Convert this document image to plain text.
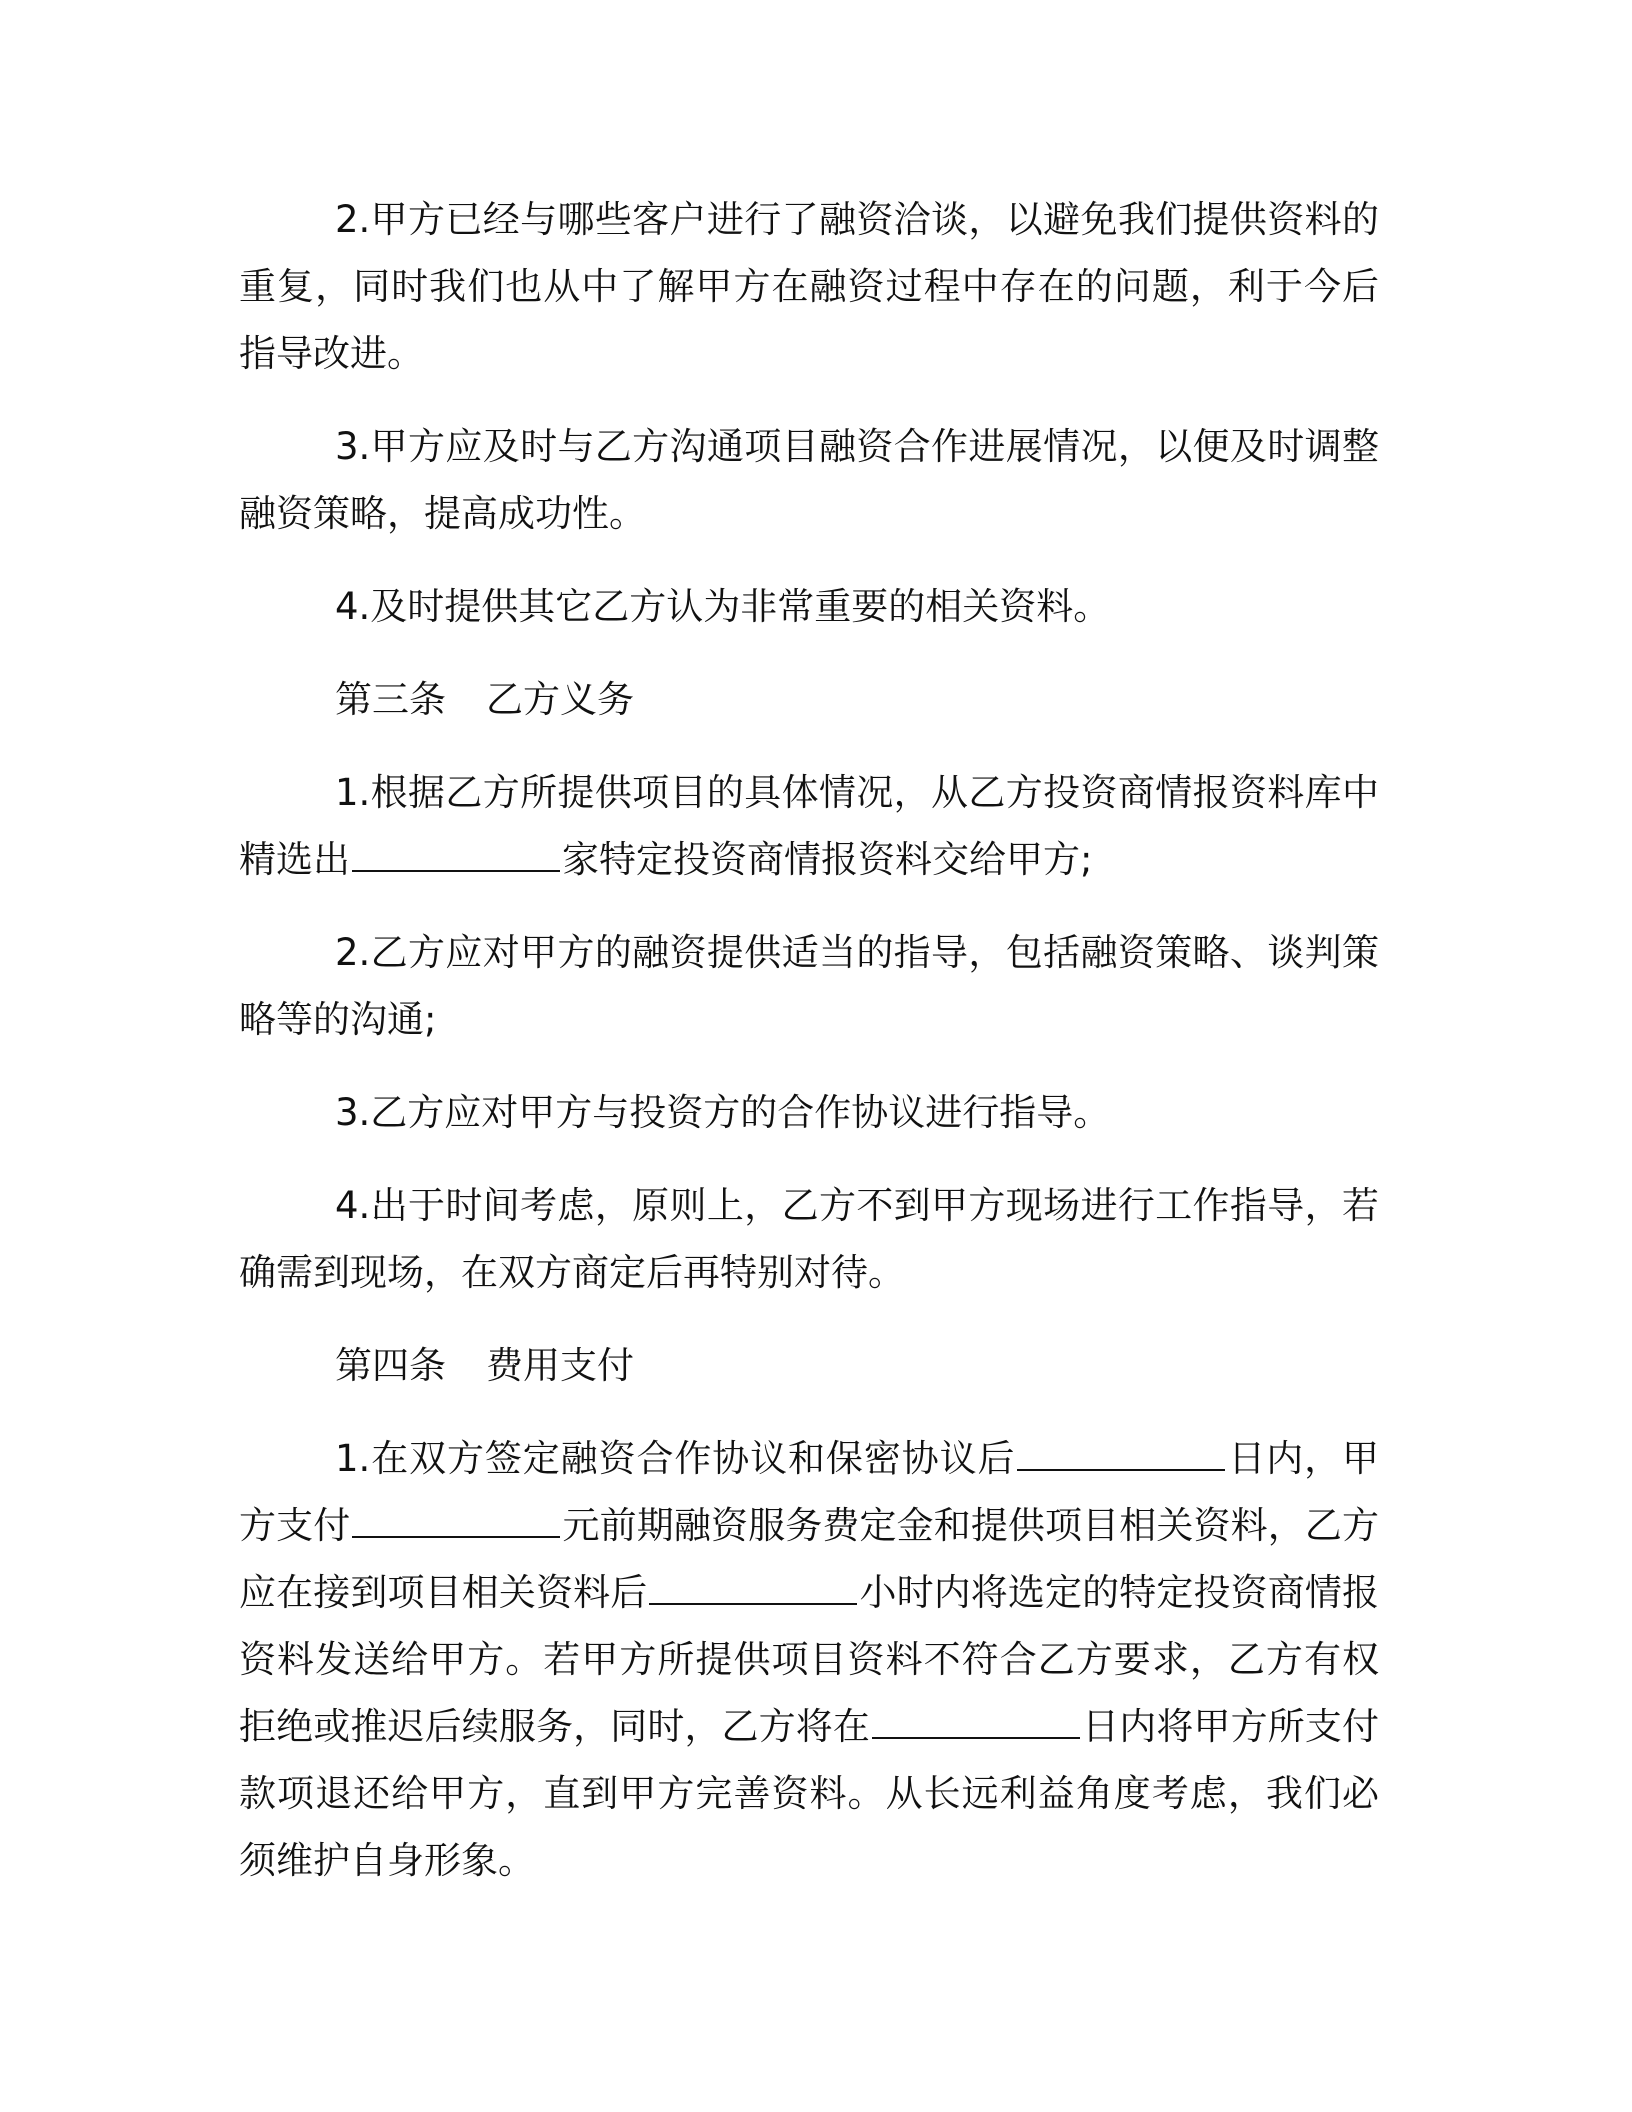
2.甲方已经与哪些客户进行了融资洽谈，以避免我们提供资料的重复，同时我们也从中了解甲方在融资过程中存在的问题，利于今后指导改进。

3.甲方应及时与乙方沟通项目融资合作进展情况，以便及时调整融资策略，提高成功性。

4.及时提供其它乙方认为非常重要的相关资料。

第三条 乙方义务

1.根据乙方所提供项目的具体情况，从乙方投资商情报资料库中精选出	家特定投资商情报资料交给甲方;

2.乙方应对甲方的融资提供适当的指导，包括融资策略、谈判策略等的沟通;

3.乙方应对甲方与投资方的合作协议进行指导。

4.出于时间考虑，原则上，乙方不到甲方现场进行工作指导，若确需到现场，在双方商定后再特别对待。

第四条 费用支付

1.在双方签定融资合作协议和保密协议后	日内，甲方支付	元前期融资服务费定金和提供项目相关资料，乙方应在接到项目相关资料后	小时内将选定的特定投资商情报资料发送给甲方。若甲方所提供项目资料不符合乙方要求，乙方有权拒绝或推迟后续服务，同时，乙方将在	日内将甲方所支付款项退还给甲方，直到甲方完善资料。从长远利益角度考虑，我们必须维护自身形象。
